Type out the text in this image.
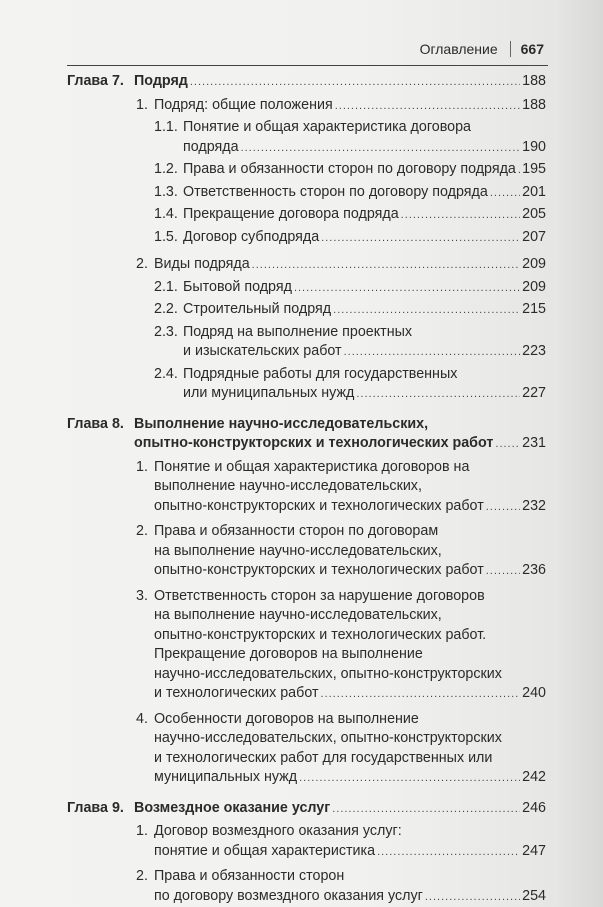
Оглавление 667
Глава 7. Подряд .....	188
1. Подряд: общие положения .....	188
1.1. Понятие и общая характеристика договора
подряда .....	190
1.2. Права и обязанности сторон по договору подряда ..... 195
1.3. Ответственность сторон по договору подряда ..... 201
1.4. Прекращение договора подряда .....	205
1.5. Договор субподряда .....	207
2. Виды подряда .....	209
2.1. Бытовой подряд .....	209
2.2. Строительный подряд .....	215
2.3. Подряд на выполнение проектных
и изыскательских работ .....	223
2.4. Подрядные работы для государственных
или муниципальных нужд .....	227
Глава 8. Выполнение научно-исследовательских,
опытно-конструкторских и технологических работ ..... 231
1. Понятие и общая характеристика договоров на
выполнение научно-исследовательских,
опытно-конструкторских и технологических работ .....	232
2. Права и обязанности сторон по договорам
на выполнение научно-исследовательских,
опытно-конструкторских и технологических работ .....	236
3. Ответственность сторон за нарушение договоров
на выполнение научно-исследовательских,
опытно-конструкторских и технологических работ.
Прекращение договоров на выполнение
научно-исследовательских, опытно-конструкторских
и технологических работ .....	240
4. Особенности договоров на выполнение
научно-исследовательских, опытно-конструкторских
и технологических работ для государственных или
муниципальных нужд .....	242
Глава 9. Возмездное оказание услуг .....	246
1. Договор возмездного оказания услуг:
понятие и общая характеристика .....	247
2. Права и обязанности сторон
по договору возмездного оказания услуг .....	254
